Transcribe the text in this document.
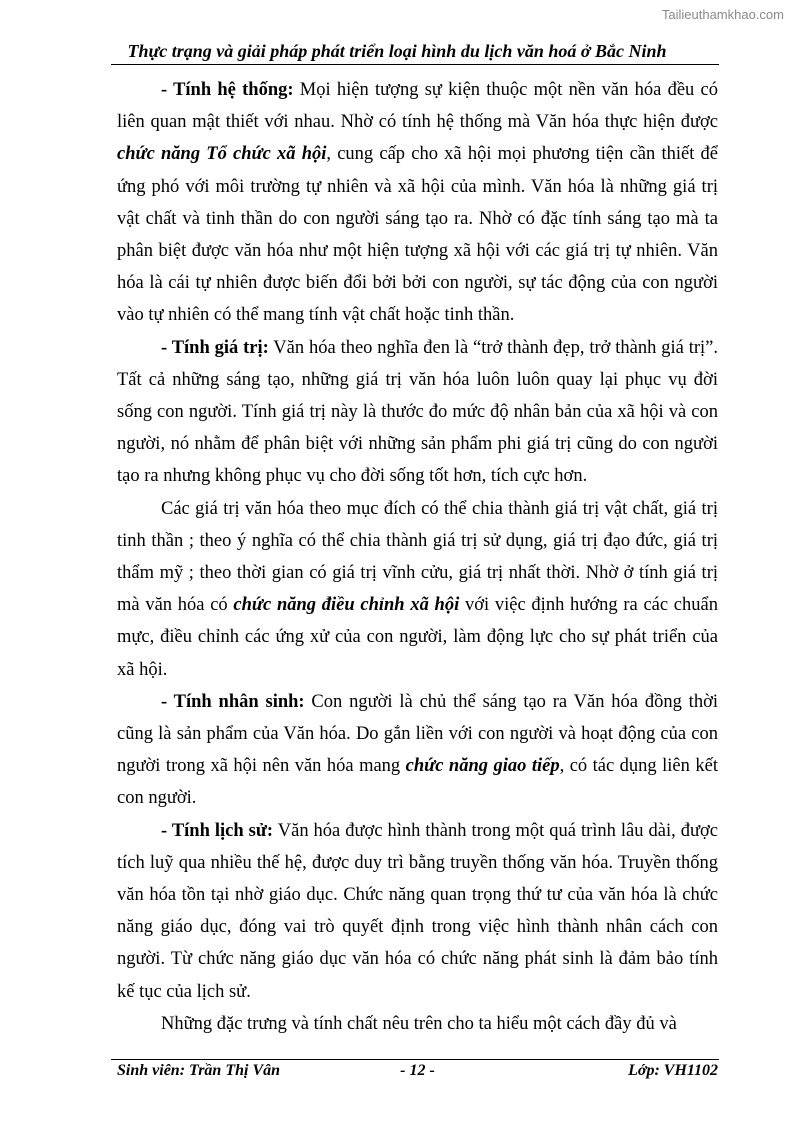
Tailieuthamkhao.com
Thực trạng và giải pháp phát triển loại hình du lịch văn hoá ở Bắc Ninh

- Tính hệ thống: Mọi hiện tượng sự kiện thuộc một nền văn hóa đều có liên quan mật thiết với nhau. Nhờ có tính hệ thống mà Văn hóa thực hiện được chức năng Tổ chức xã hội, cung cấp cho xã hội mọi phương tiện cần thiết để ứng phó với môi trường tự nhiên và xã hội của mình. Văn hóa là những giá trị vật chất và tinh thần do con người sáng tạo ra. Nhờ có đặc tính sáng tạo mà ta phân biệt được văn hóa như một hiện tượng xã hội với các giá trị tự nhiên. Văn hóa là cái tự nhiên được biến đổi bởi bởi con người, sự tác động của con người vào tự nhiên có thể mang tính vật chất hoặc tinh thần.

- Tính giá trị: Văn hóa theo nghĩa đen là “trở thành đẹp, trở thành giá trị”. Tất cả những sáng tạo, những giá trị văn hóa luôn luôn quay lại phục vụ đời sống con người. Tính giá trị này là thước đo mức độ nhân bản của xã hội và con người, nó nhằm để phân biệt với những sản phẩm phi giá trị cũng do con người tạo ra nhưng không phục vụ cho đời sống tốt hơn, tích cực hơn.

Các giá trị văn hóa theo mục đích có thể chia thành giá trị vật chất, giá trị tinh thần ; theo ý nghĩa có thể chia thành giá trị sử dụng, giá trị đạo đức, giá trị thẩm mỹ ; theo thời gian có giá trị vĩnh cửu, giá trị nhất thời. Nhờ ở tính giá trị mà văn hóa có chức năng điều chỉnh xã hội với việc định hướng ra các chuẩn mực, điều chỉnh các ứng xử của con người, làm động lực cho sự phát triển của xã hội.

- Tính nhân sinh: Con người là chủ thể sáng tạo ra Văn hóa đồng thời cũng là sản phẩm của Văn hóa. Do gắn liền với con người và hoạt động của con người trong xã hội nên văn hóa mang chức năng giao tiếp, có tác dụng liên kết con người.

- Tính lịch sử: Văn hóa được hình thành trong một quá trình lâu dài, được tích luỹ qua nhiều thế hệ, được duy trì bằng truyền thống văn hóa. Truyền thống văn hóa tồn tại nhờ giáo dục. Chức năng quan trọng thứ tư của văn hóa là chức năng giáo dục, đóng vai trò quyết định trong việc hình thành nhân cách con người. Từ chức năng giáo dục văn hóa có chức năng phát sinh là đảm bảo tính kế tục của lịch sử.

Những đặc trưng và tính chất nêu trên cho ta hiểu một cách đầy đủ và

Sinh viên: Trần Thị Vân	- 12 -	Lớp: VH1102
